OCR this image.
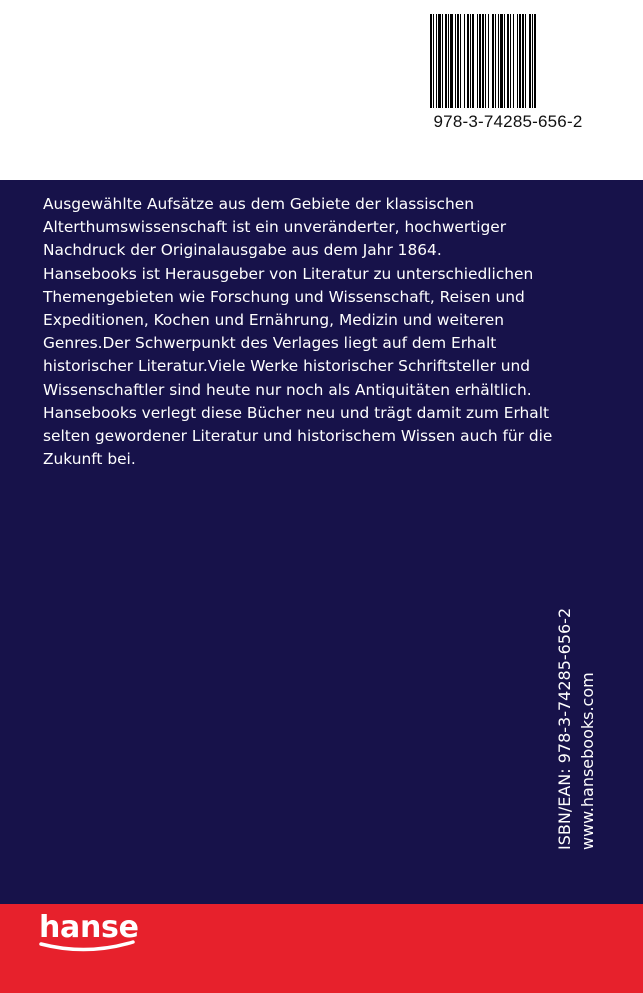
978-3-74285-656-2

Ausgewählte Aufsätze aus dem Gebiete der klassischen
Alterthumswissenschaft ist ein unveränderter, hochwertiger
Nachdruck der Originalausgabe aus dem Jahr 1864.
Hansebooks ist Herausgeber von Literatur zu unterschiedlichen
Themengebieten wie Forschung und Wissenschaft, Reisen und
Expeditionen, Kochen und Ernährung, Medizin und weiteren
Genres.Der Schwerpunkt des Verlages liegt auf dem Erhalt
historischer Literatur.Viele Werke historischer Schriftsteller und
Wissenschaftler sind heute nur noch als Antiquitäten erhältlich.
Hansebooks verlegt diese Bücher neu und trägt damit zum Erhalt
selten gewordener Literatur und historischem Wissen auch für die
Zukunft bei.

ISBN/EAN: 978-3-74285-656-2 www.hansebooks.com
hanse
